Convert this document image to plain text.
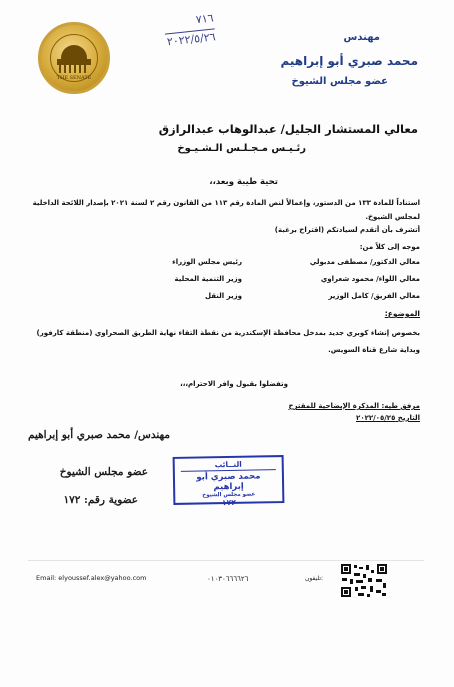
THE SENATE
٧١٦
٢٠٢٢/٥/٢٦	مهندس
محمد صبري أبو إبراهيم
عضو مجلس الشيوخ
معالي المستشار الجليل/ عبدالوهاب عبدالرازق
رئـيـس مـجـلـس الـشـيـوخ
تحية طيبة وبعد،،
استناداً للمادة ١٣٣ من الدستور، وإعمالاً لنص المادة رقم ١١٣ من القانون رقم ٢ لسنة ٢٠٢١ بإصدار اللائحة الداخلية لمجلس الشيوخ.
أتشرف بأن أتقدم لسيادتكم (اقتراح برغبة)
موجه إلى كلاً من:
معالي الدكتور/ مصطفى مدبولي
رئيس مجلس الوزراء
معالي اللواء/ محمود شعراوي
وزير التنمية المحلية
معالي الفريق/ كامل الوزير
وزير النقل
الموضوع:
بخصوص إنشاء كوبري جديد بمدخل محافظة الإسكندرية من نقطة التقاء نهاية الطريق الصحراوي (منطقة كارفور) وبداية شارع قناة السويس.
وتفضلوا بقبول وافر الاحترام،،،
مرفق طيه: المذكرة الإيضاحية للمقترح
التاريخ ٢٠٢٢/٠٥/٢٥
مهندس/ محمد صبري أبو إبراهيم
عضو مجلس الشيوخ
عضوية رقم: ١٧٢
النــائب
محمد صبري أبو إبراهيم
عضو مجلس الشيوخ
١٧٢
Email: elyoussef.alex@yahoo.com	٠١٠٣٠٦٦٦٦٢٦	تليفون:
